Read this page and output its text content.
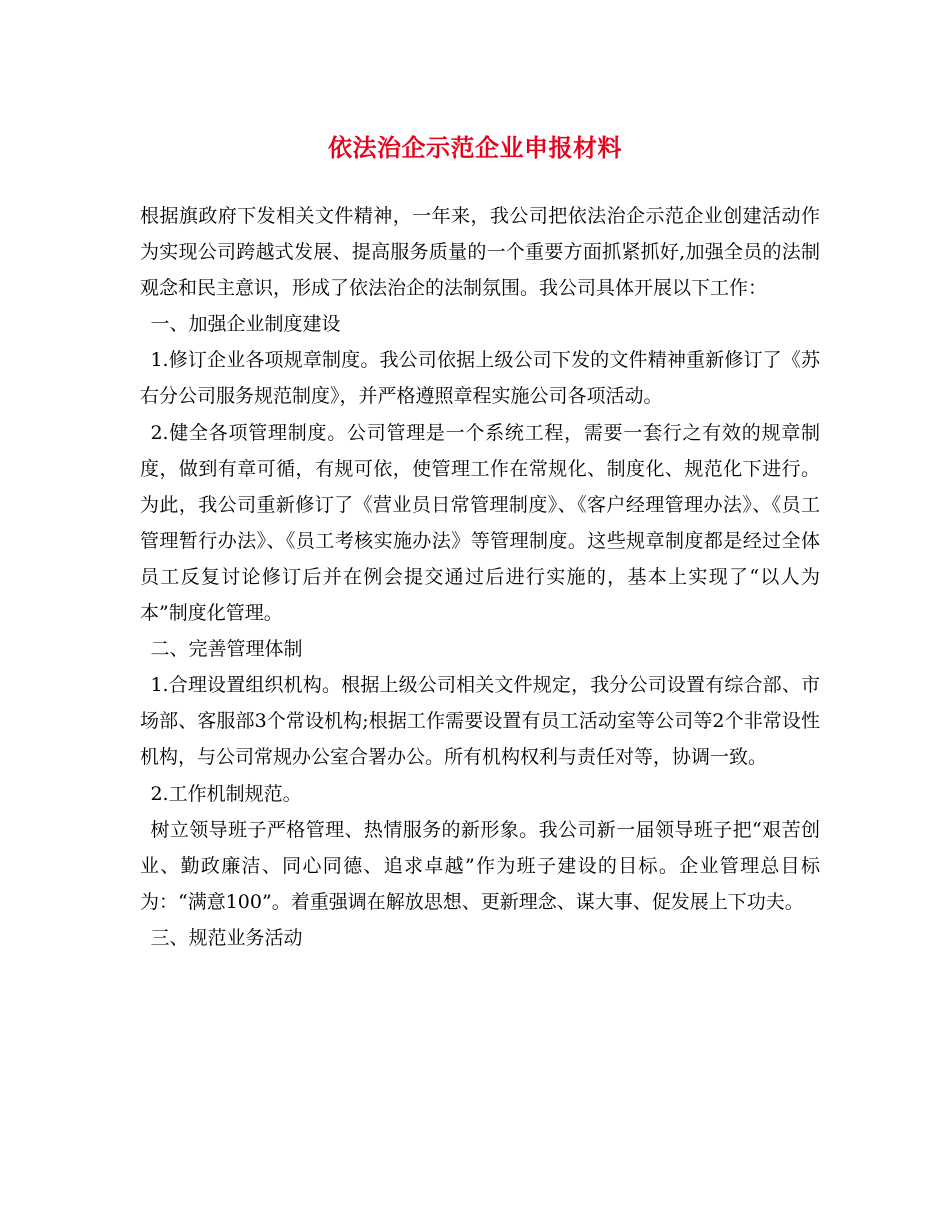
依法治企示范企业申报材料

根据旗政府下发相关文件精神，一年来，我公司把依法治企示范企业创建活动作为实现公司跨越式发展、提高服务质量的一个重要方面抓紧抓好,加强全员的法制观念和民主意识，形成了依法治企的法制氛围。我公司具体开展以下工作：

一、加强企业制度建设

1.修订企业各项规章制度。我公司依据上级公司下发的文件精神重新修订了《苏右分公司服务规范制度》，并严格遵照章程实施公司各项活动。

2.健全各项管理制度。公司管理是一个系统工程，需要一套行之有效的规章制度，做到有章可循，有规可依，使管理工作在常规化、制度化、规范化下进行。为此，我公司重新修订了《营业员日常管理制度》、《客户经理管理办法》、《员工管理暂行办法》、《员工考核实施办法》等管理制度。这些规章制度都是经过全体员工反复讨论修订后并在例会提交通过后进行实施的，基本上实现了“以人为本”制度化管理。

二、完善管理体制

1.合理设置组织机构。根据上级公司相关文件规定，我分公司设置有综合部、市场部、客服部3个常设机构;根据工作需要设置有员工活动室等公司等2个非常设性机构，与公司常规办公室合署办公。所有机构权利与责任对等，协调一致。

2.工作机制规范。

树立领导班子严格管理、热情服务的新形象。我公司新一届领导班子把“艰苦创业、勤政廉洁、同心同德、追求卓越”作为班子建设的目标。企业管理总目标为：“满意100”。着重强调在解放思想、更新理念、谋大事、促发展上下功夫。

三、规范业务活动
